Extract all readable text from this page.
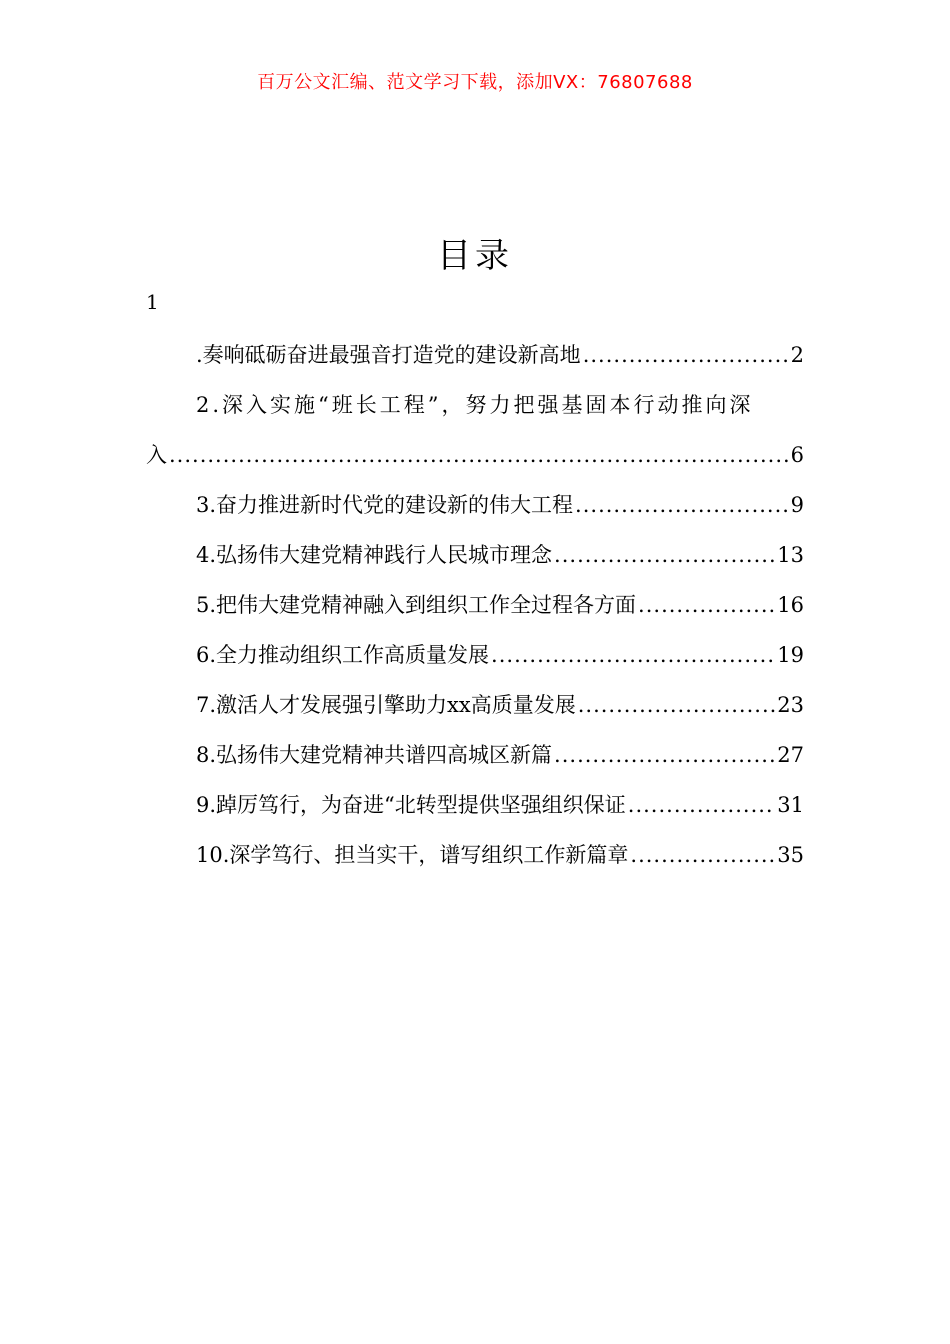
百万公文汇编、范文学习下载，添加VX：76807688
目录
1
.奏响砥砺奋进最强音打造党的建设新高地 .....	2
2.深入实施“班长工程”，努力把强基固本行动推向深
入 .....	6
3.奋力推进新时代党的建设新的伟大工程 .....	9
4.弘扬伟大建党精神践行人民城市理念 .....	13
5.把伟大建党精神融入到组织工作全过程各方面 .....	16
6.全力推动组织工作高质量发展 .....	19
7.激活人才发展强引擎助力xx高质量发展 .....	23
8.弘扬伟大建党精神共谱四高城区新篇 .....	27
9.踔厉笃行，为奋进“北转型提供坚强组织保证 .....	31
10.深学笃行、担当实干，谱写组织工作新篇章 .....	35
